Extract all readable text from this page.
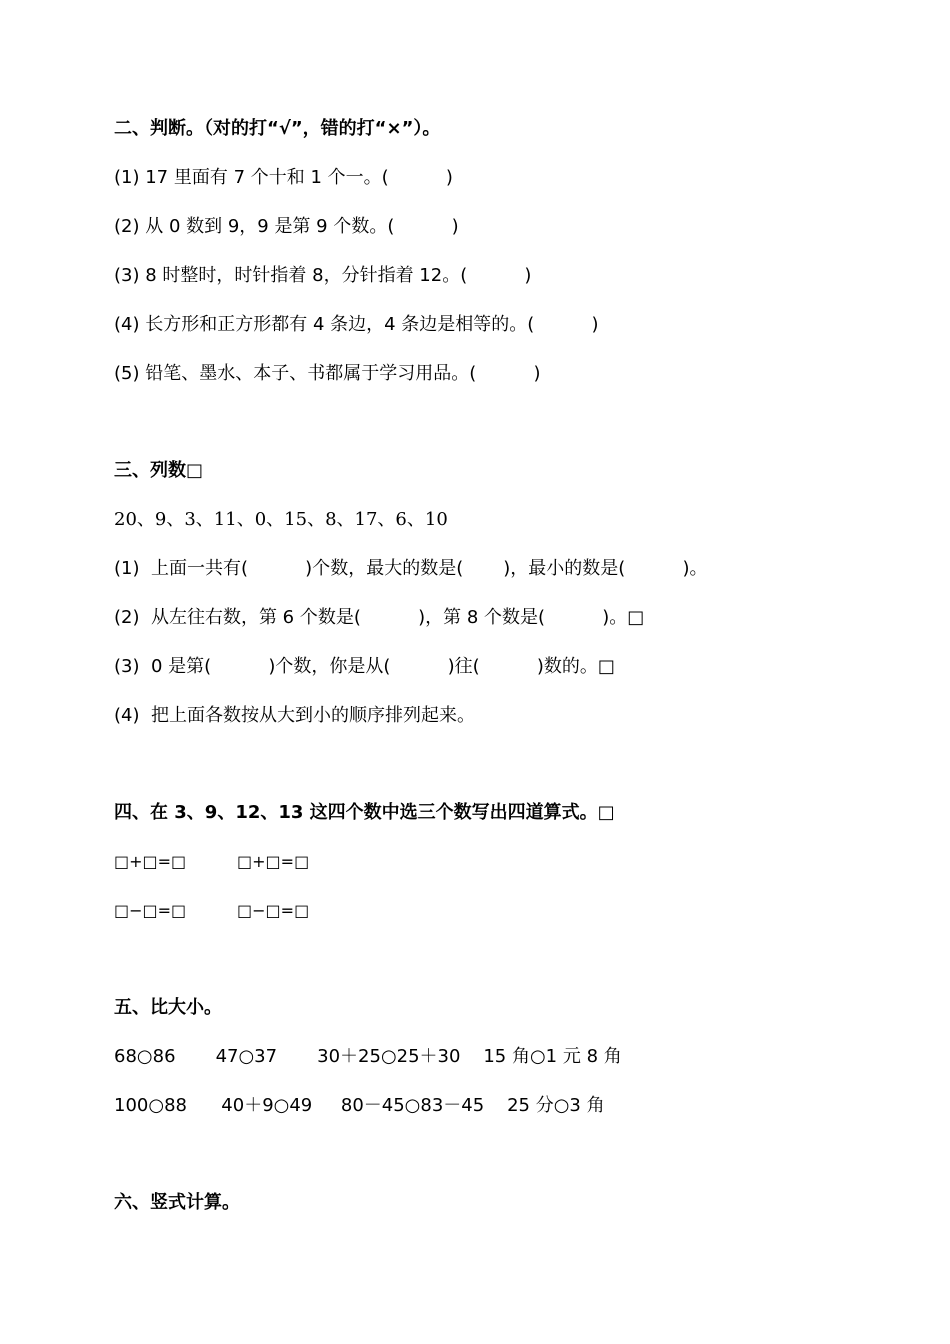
二、判断。（对的打“√”，错的打“×”）。
(1) 17 里面有 7 个十和 1 个一。(          )
(2) 从 0 数到 9，9 是第 9 个数。(          )
(3) 8 时整时，时针指着 8，分针指着 12。(          )
(4) 长方形和正方形都有 4 条边，4 条边是相等的。(          )
(5) 铅笔、墨水、本子、书都属于学习用品。(          )
三、列数□
20、9、3、11、0、15、8、17、6、10
(1)  上面一共有(          )个数，最大的数是(       )，最小的数是(          )。
(2)  从左往右数，第 6 个数是(          )，第 8 个数是(          )。□
(3)  0 是第(          )个数，你是从(          )往(          )数的。□
(4)  把上面各数按从大到小的顺序排列起来。
四、在 3、9、12、13 这四个数中选三个数写出四道算式。□
□+□=□          □+□=□
□−□=□          □−□=□
五、比大小。
68○86       47○37       30＋25○25＋30    15 角○1 元 8 角
100○88      40＋9○49     80－45○83－45    25 分○3 角
六、竖式计算。
